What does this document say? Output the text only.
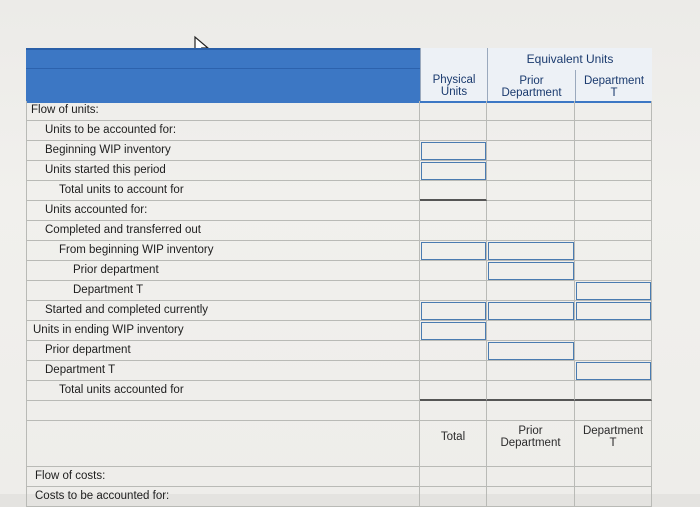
Physical
Units
Equivalent Units
Prior
Department
Department
T
Flow of units:
Units to be accounted for:
Beginning WIP inventory
Units started this period
Total units to account for
Units accounted for:
Completed and transferred out
From beginning WIP inventory
Prior department
Department T
Started and completed currently
Units in ending WIP inventory
Prior department
Department T
Total units accounted for
Total	Prior
Department
Department
T
Flow of costs:
Costs to be accounted for:
